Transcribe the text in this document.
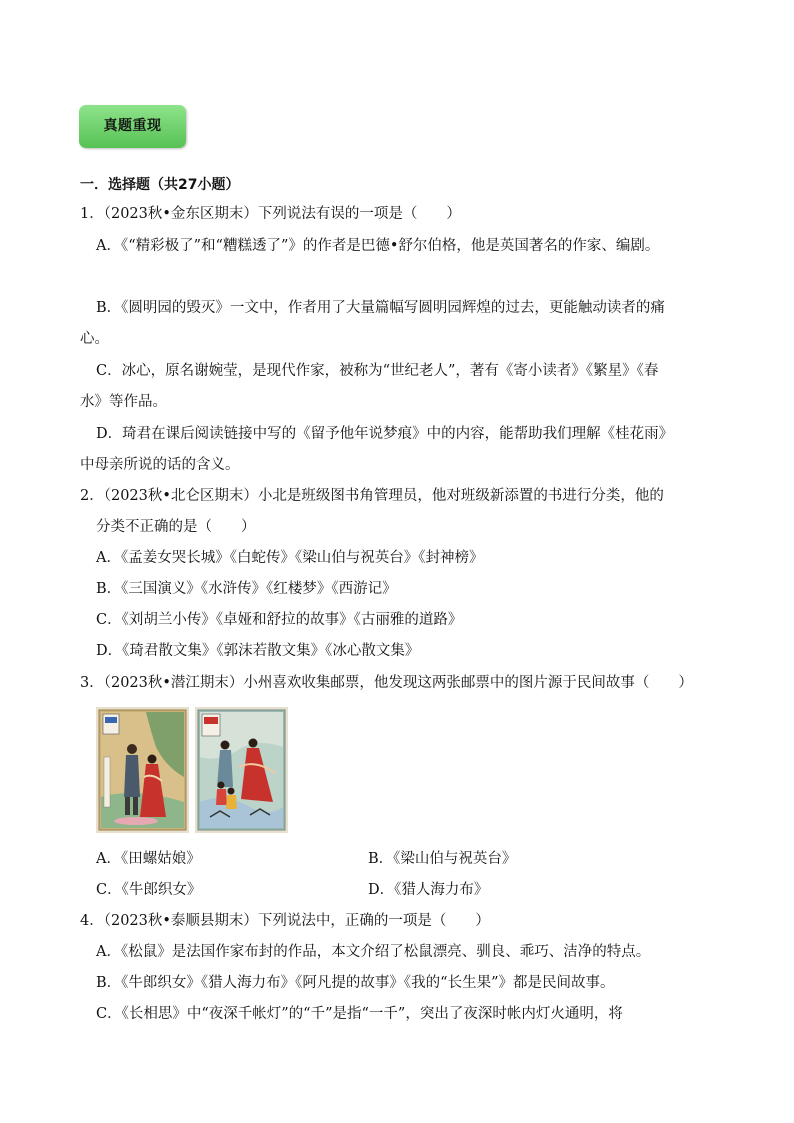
真题重现
一．选择题（共27小题）
1．（2023秋•金东区期末）下列说法有误的一项是（　　）
A．《“精彩极了”和“糟糕透了”》的作者是巴德•舒尔伯格，他是英国著名的作家、编剧。
B．《圆明园的毁灭》一文中，作者用了大量篇幅写圆明园辉煌的过去，更能触动读者的痛
心。
C．冰心，原名谢婉莹，是现代作家，被称为“世纪老人”，著有《寄小读者》《繁星》《春
水》等作品。
D．琦君在课后阅读链接中写的《留予他年说梦痕》中的内容，能帮助我们理解《桂花雨》
中母亲所说的话的含义。
2．（2023秋•北仑区期末）小北是班级图书角管理员，他对班级新添置的书进行分类，他的
分类不正确的是（　　）
A．《孟姜女哭长城》《白蛇传》《梁山伯与祝英台》《封神榜》
B．《三国演义》《水浒传》《红楼梦》《西游记》
C．《刘胡兰小传》《卓娅和舒拉的故事》《古丽雅的道路》
D．《琦君散文集》《郭沫若散文集》《冰心散文集》
3．（2023秋•潜江期末）小州喜欢收集邮票，他发现这两张邮票中的图片源于民间故事（　　）
A．《田螺姑娘》	B．《梁山伯与祝英台》
C．《牛郎织女》	D．《猎人海力布》
4．（2023秋•泰顺县期末）下列说法中，正确的一项是（　　）
A．《松鼠》是法国作家布封的作品，本文介绍了松鼠漂亮、驯良、乖巧、洁净的特点。
B．《牛郎织女》《猎人海力布》《阿凡提的故事》《我的“长生果”》都是民间故事。
C．《长相思》中“夜深千帐灯”的“千”是指“一千”，突出了夜深时帐内灯火通明，将
